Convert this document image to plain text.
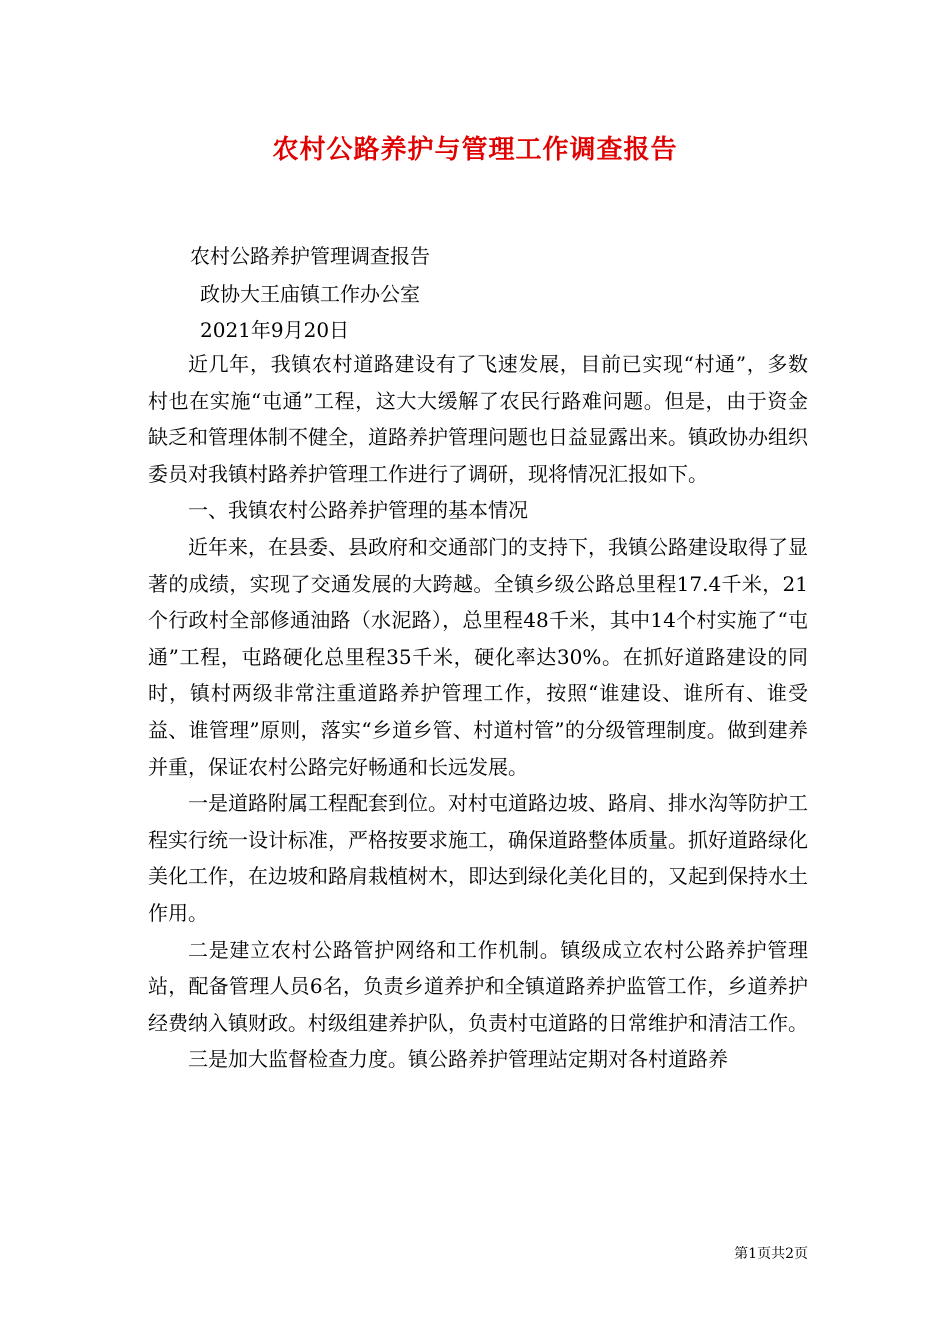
农村公路养护与管理工作调查报告
农村公路养护管理调查报告
政协大王庙镇工作办公室
2021年9月20日

近几年，我镇农村道路建设有了飞速发展，目前已实现“村通”，多数村也在实施“屯通”工程，这大大缓解了农民行路难问题。但是，由于资金缺乏和管理体制不健全，道路养护管理问题也日益显露出来。镇政协办组织委员对我镇村路养护管理工作进行了调研，现将情况汇报如下。

一、我镇农村公路养护管理的基本情况

近年来，在县委、县政府和交通部门的支持下，我镇公路建设取得了显著的成绩，实现了交通发展的大跨越。全镇乡级公路总里程17.4千米，21个行政村全部修通油路（水泥路），总里程48千米，其中14个村实施了“屯通”工程，屯路硬化总里程35千米，硬化率达30%。在抓好道路建设的同时，镇村两级非常注重道路养护管理工作，按照“谁建设、谁所有、谁受益、谁管理”原则，落实“乡道乡管、村道村管”的分级管理制度。做到建养并重，保证农村公路完好畅通和长远发展。

一是道路附属工程配套到位。对村屯道路边坡、路肩、排水沟等防护工程实行统一设计标准，严格按要求施工，确保道路整体质量。抓好道路绿化美化工作，在边坡和路肩栽植树木，即达到绿化美化目的，又起到保持水土作用。

二是建立农村公路管护网络和工作机制。镇级成立农村公路养护管理站，配备管理人员6名，负责乡道养护和全镇道路养护监管工作，乡道养护经费纳入镇财政。村级组建养护队，负责村屯道路的日常维护和清洁工作。

三是加大监督检查力度。镇公路养护管理站定期对各村道路养

第1页共2页
